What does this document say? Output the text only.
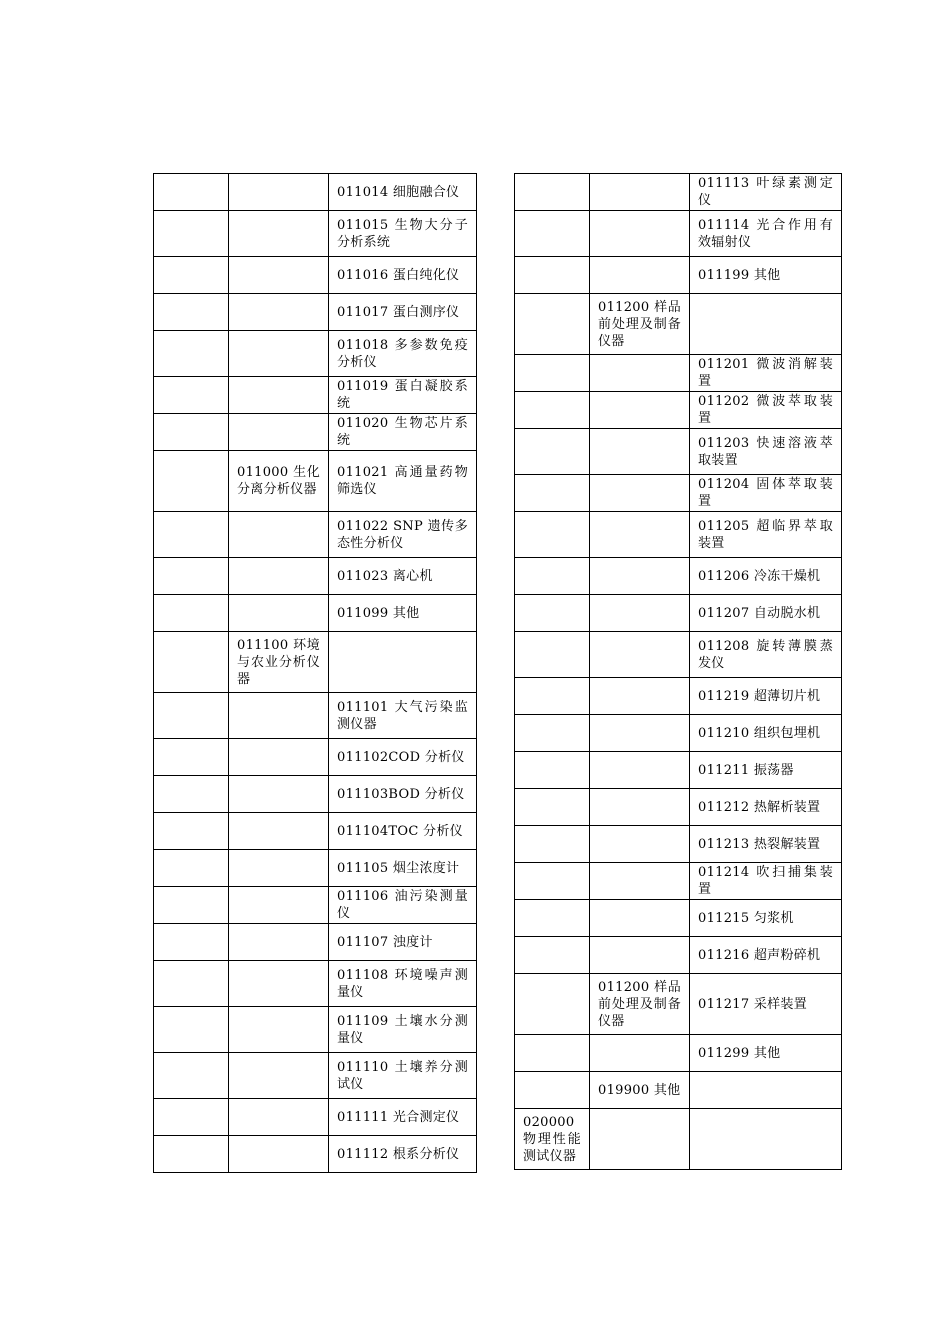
		011014 细胞融合仪
		011015 生物大分子分析系统
		011016 蛋白纯化仪
		011017 蛋白测序仪
		011018 多参数免疫分析仪
		011019 蛋白凝胶系统
		011020 生物芯片系统
	011000 生化分离分析仪器	011021 高通量药物筛选仪
		011022 SNP 遗传多态性分析仪
		011023 离心机
		011099 其他
	011100 环境与农业分析仪器	
		011101 大气污染监测仪器
		011102COD 分析仪
		011103BOD 分析仪
		011104TOC 分析仪
		011105 烟尘浓度计
		011106 油污染测量仪
		011107 浊度计
		011108 环境噪声测量仪
		011109 土壤水分测量仪
		011110 土壤养分测试仪
		011111 光合测定仪
		011112 根系分析仪
		011113 叶绿素测定仪
		011114 光合作用有效辐射仪
		011199 其他
	011200 样品前处理及制备仪器	
		011201 微波消解装置
		011202 微波萃取装置
		011203 快速溶液萃取装置
		011204 固体萃取装置
		011205 超临界萃取装置
		011206 冷冻干燥机
		011207 自动脱水机
		011208 旋转薄膜蒸发仪
		011219 超薄切片机
		011210 组织包埋机
		011211 振荡器
		011212 热解析装置
		011213 热裂解装置
		011214 吹扫捕集装置
		011215 匀浆机
		011216 超声粉碎机
	011200 样品前处理及制备仪器	011217 采样装置
		011299 其他
	019900 其他	
020000 物理性能测试仪器		
